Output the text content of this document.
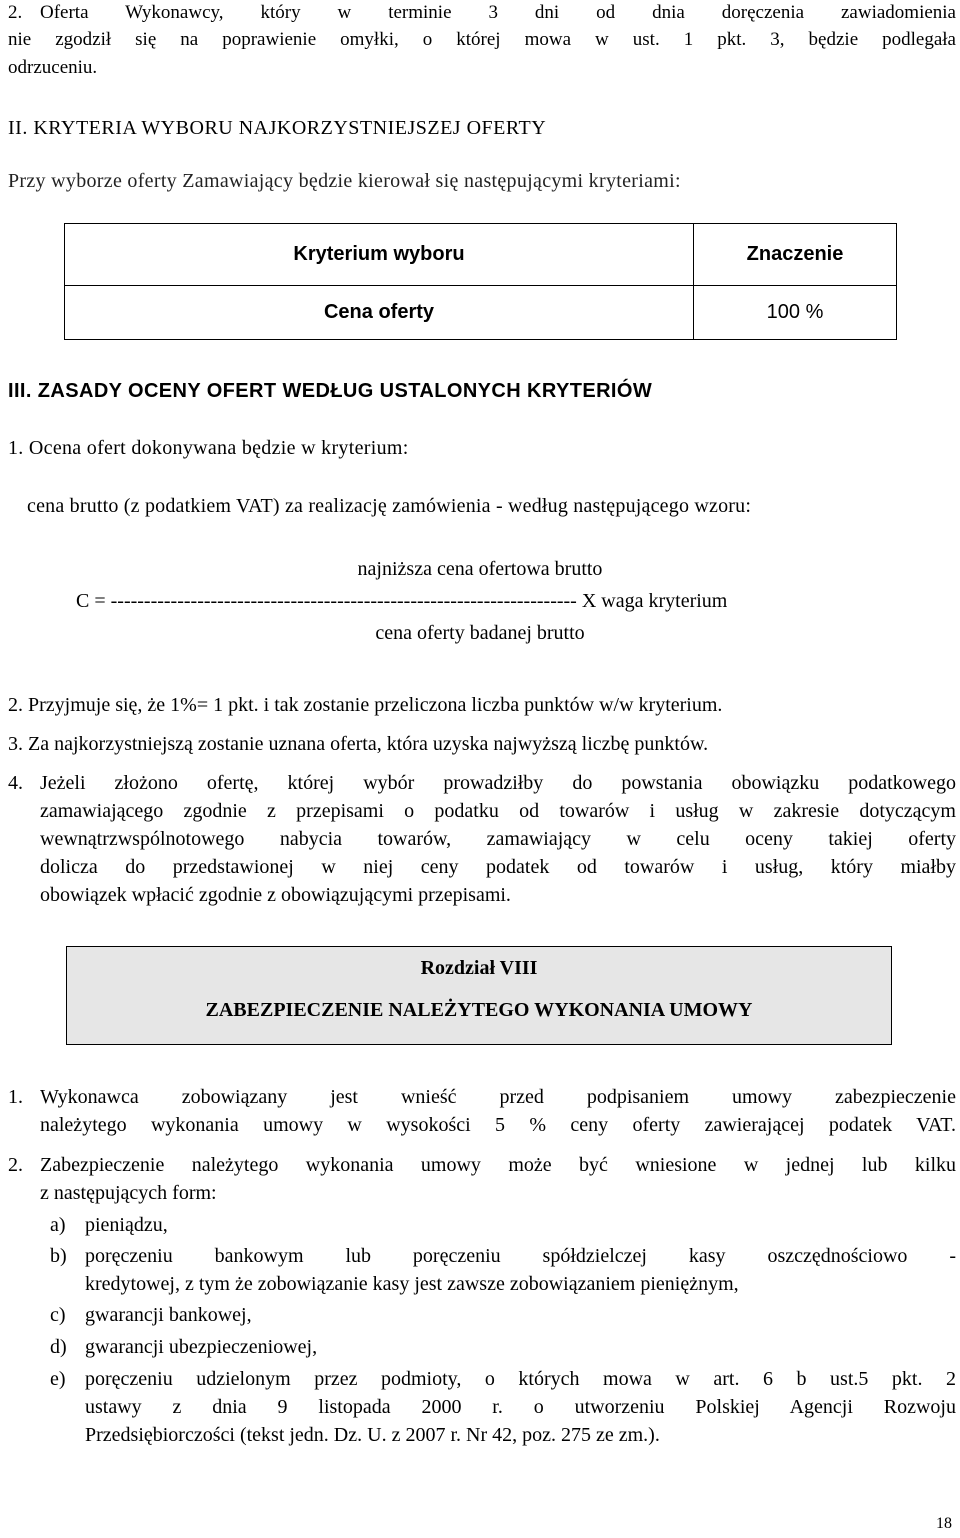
2. Oferta Wykonawcy, który w terminie 3 dni od dnia doręczenia zawiadomienia
nie zgodził się na poprawienie omyłki, o której mowa w ust. 1 pkt. 3, będzie podlegała
odrzuceniu.
II. KRYTERIA WYBORU NAJKORZYSTNIEJSZEJ OFERTY
Przy wyborze oferty Zamawiający będzie kierował się następującymi kryteriami:
Kryterium wyboru	Znaczenie
Cena oferty	100 %
III. ZASADY OCENY OFERT WEDŁUG USTALONYCH KRYTERIÓW
1. Ocena ofert dokonywana będzie w kryterium:
cena brutto (z podatkiem VAT) za realizację zamówienia - według następującego wzoru:
najniższa cena ofertowa brutto
C = ---------------------------------------------------------------------- X waga kryterium
cena oferty badanej brutto
2. Przyjmuje się, że 1%= 1 pkt. i tak zostanie przeliczona liczba punktów w/w kryterium.
3. Za najkorzystniejszą zostanie uznana oferta, która uzyska najwyższą liczbę punktów.
4. Jeżeli złożono ofertę, której wybór prowadziłby do powstania obowiązku podatkowego
zamawiającego zgodnie z przepisami o podatku od towarów i usług w zakresie dotyczącym
wewnątrzwspólnotowego nabycia towarów, zamawiający w celu oceny takiej oferty
dolicza do przedstawionej w niej ceny podatek od towarów i usług, który miałby
obowiązek wpłacić zgodnie z obowiązującymi przepisami.
Rozdział VIII
ZABEZPIECZENIE NALEŻYTEGO WYKONANIA UMOWY
1. Wykonawca zobowiązany jest wnieść przed podpisaniem umowy zabezpieczenie
należytego wykonania umowy w wysokości 5 % ceny oferty zawierającej podatek VAT.
2. Zabezpieczenie należytego wykonania umowy może być wniesione w jednej lub kilku
z następujących form:
a) pieniądzu,
b) poręczeniu bankowym lub poręczeniu spółdzielczej kasy oszczędnościowo -
kredytowej, z tym że zobowiązanie kasy jest zawsze zobowiązaniem pieniężnym,
c) gwarancji bankowej,
d) gwarancji ubezpieczeniowej,
e) poręczeniu udzielonym przez podmioty, o których mowa w art. 6 b ust.5 pkt. 2
ustawy z dnia 9 listopada 2000 r. o utworzeniu Polskiej Agencji Rozwoju
Przedsiębiorczości (tekst jedn. Dz. U. z 2007 r. Nr 42, poz. 275 ze zm.).
18
